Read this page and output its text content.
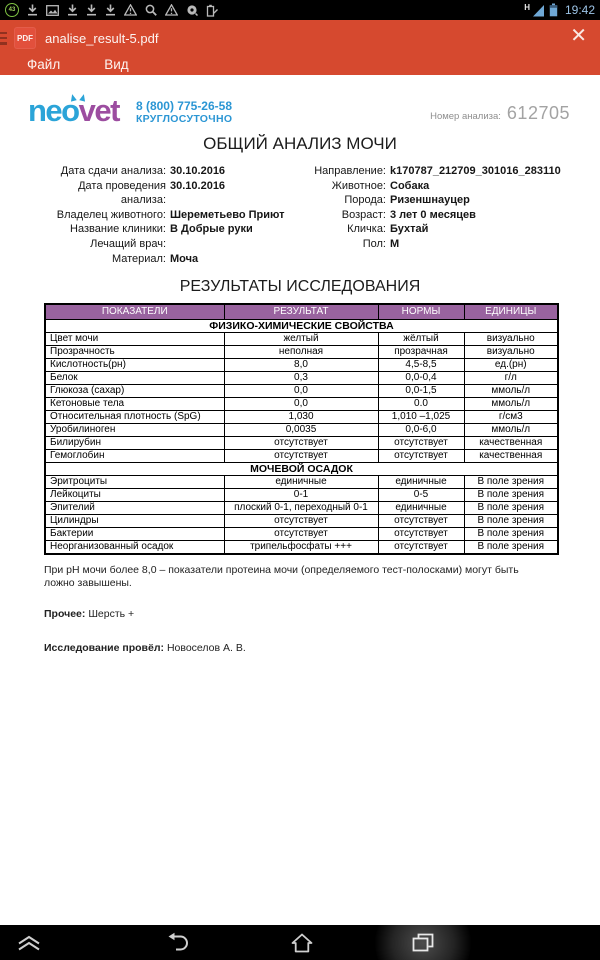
43	H	19:42
PDF analise_result-5.pdf	✕
Файл	Вид
neovet 8 (800) 775-26-58
КРУГЛОСУТОЧНО	Номер анализа: 612705
ОБЩИЙ АНАЛИЗ МОЧИ
Дата сдачи анализа: 30.10.2016
Дата проведения анализа:
30.10.2016
Владелец животного: Шереметьево Приют
Название клиники: В Добрые руки
Лечащий врач:
Материал: Моча
Направление: k170787_212709_301016_283110
Животное: Собака
Порода: Ризеншнауцер
Возраст: 3 лет 0 месяцев
Кличка: Бухтай
Пол: М
РЕЗУЛЬТАТЫ ИССЛЕДОВАНИЯ
ПОКАЗАТЕЛИ	РЕЗУЛЬТАТ	НОРМЫ	ЕДИНИЦЫ
ФИЗИКО-ХИМИЧЕСКИЕ СВОЙСТВА			
Цвет мочи	желтый	жёлтый	визуально
Прозрачность	неполная	прозрачная	визуально
Кислотность(рн)	8,0	4,5-8,5	ед.(рн)
Белок	0,3	0,0-0,4	г/л
Глюкоза (сахар)	0,0	0,0-1,5	ммоль/л
Кетоновые тела	0,0	0.0	ммоль/л
Относительная плотность (SpG)	1,030	1,010 –1,025	г/см3
Уробилиноген	0,0035	0,0-6,0	ммоль/л
Билирубин	отсутствует	отсутствует	качественная
Гемоглобин	отсутствует	отсутствует	качественная
МОЧЕВОЙ ОСАДОК			
Эритроциты	единичные	единичные	В поле зрения
Лейкоциты	0-1	0-5	В поле зрения
Эпителий	плоский 0-1, переходный 0-1	единичные	В поле зрения
Цилиндры	отсутствует	отсутствует	В поле зрения
Бактерии	отсутствует	отсутствует	В поле зрения
Неорганизованный осадок	трипельфосфаты +++	отсутствует	В поле зрения
При pH мочи более 8,0 – показатели протеина мочи (определяемого тест-полосками) могут быть ложно завышены.
Прочее: Шерсть +
Исследование провёл: Новоселов А. В.
